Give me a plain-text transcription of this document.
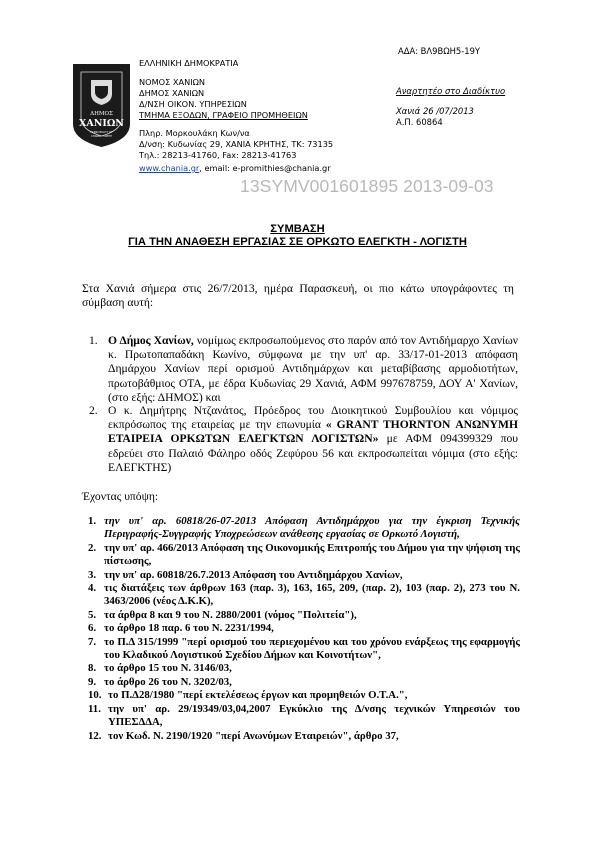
ΔΗΜΟΣ
ΧΑΝΙΩΝ
MUNICIPALITY OF
CHANIA - CRETE
ΕΛΛΗΝΙΚΗ ΔΗΜΟΚΡΑΤΙΑ
ΝΟΜΟΣ ΧΑΝΙΩΝ
ΔΗΜΟΣ ΧΑΝΙΩΝ
Δ/ΝΣΗ ΟΙΚΟΝ. ΥΠΗΡΕΣΙΩΝ
ΤΜΗΜΑ ΕΞΟΔΩΝ, ΓΡΑΦΕΙΟ ΠΡΟΜΗΘΕΙΩΝ
Πληρ. Μορκουλάκη Κων/να
Δ/νση: Κυδωνίας 29, ΧΑΝΙΑ ΚΡΗΤΗΣ, ΤΚ: 73135
Τηλ.: 28213-41760, Fax: 28213-41763
www.chania.gr, email: e-promithies@chania.gr
ΑΔΑ: ΒΛ9ΒΩΗ5-19Υ
Αναρτητέο στο Διαδίκτυο
Χανιά 26 /07/2013
Α.Π. 60864
13SYMV001601895 2013-09-03
ΣΥΜΒΑΣΗ
ΓΙΑ ΤΗΝ ΑΝΑΘΕΣΗ ΕΡΓΑΣΙΑΣ ΣΕ ΟΡΚΩΤΟ ΕΛΕΓΚΤΗ - ΛΟΓΙΣΤΗ
Στα Χανιά σήμερα στις 26/7/2013, ημέρα Παρασκευή, οι πιο κάτω υπογράφοντες τη σύμβαση αυτή:
1. Ο Δήμος Χανίων, νομίμως εκπροσωπούμενος στο παρόν από τον Αντιδήμαρχο Χανίων κ. Πρωτοπαπαδάκη Κωνίνο, σύμφωνα με την υπ' αρ. 33/17-01-2013 απόφαση Δημάρχου Χανίων περί ορισμού Αντιδημάρχων και μεταβίβασης αρμοδιοτήτων, πρωτοβάθμιος ΟΤΑ, με έδρα Κυδωνίας 29 Χανιά, ΑΦΜ 997678759, ΔΟΥ Α' Χανίων, (στο εξής: ΔΗΜΟΣ) και
2. Ο κ. Δημήτρης Ντζανάτος, Πρόεδρος του Διοικητικού Συμβουλίου και νόμιμος εκπρόσωπος της εταιρείας με την επωνυμία « GRANT THORNTON ΑΝΩΝΥΜΗ ΕΤΑΙΡΕΙΑ ΟΡΚΩΤΩΝ ΕΛΕΓΚΤΩΝ ΛΟΓΙΣΤΩΝ» με ΑΦΜ 094399329 που εδρεύει στο Παλαιό Φάληρο οδός Ζεφύρου 56 και εκπροσωπείται νόμιμα (στο εξής: ΕΛΕΓΚΤΗΣ)
Έχοντας υπόψη:
1. την υπ' αρ. 60818/26-07-2013 Απόφαση Αντιδημάρχου για την έγκριση Τεχνικής Περιγραφής-Συγγραφής Υποχρεώσεων ανάθεσης εργασίας σε Ορκωτό Λογιστή,
2. την υπ' αρ. 466/2013 Απόφαση της Οικονομικής Επιτροπής του Δήμου για την ψήφιση της πίστωσης,
3. την υπ' αρ. 60818/26.7.2013 Απόφαση του Αντιδημάρχου Χανίων,
4. τις διατάξεις των άρθρων 163 (παρ. 3), 163, 165, 209, (παρ. 2), 103 (παρ. 2), 273 του Ν. 3463/2006 (νέος Δ.Κ.Κ),
5. τα άρθρα 8 και 9 του Ν. 2880/2001 (νόμος "Πολιτεία"),
6. το άρθρο 18 παρ. 6 του Ν. 2231/1994,
7. το Π.Δ 315/1999 "περί ορισμού του περιεχομένου και του χρόνου ενάρξεως της εφαρμογής του Κλαδικού Λογιστικού Σχεδίου Δήμων και Κοινοτήτων",
8. το άρθρο 15 του Ν. 3146/03,
9. το άρθρο 26 του Ν. 3202/03,
10. το Π.Δ28/1980 "περί εκτελέσεως έργων και προμηθειών Ο.Τ.Α.",
11. την υπ' αρ. 29/19349/03,04,2007 Εγκύκλιο της Δ/νσης τεχνικών Υπηρεσιών του ΥΠΕΣΔΔΑ,
12. τον Κωδ. Ν. 2190/1920 "περί Ανωνύμων Εταιρειών", άρθρο 37,
